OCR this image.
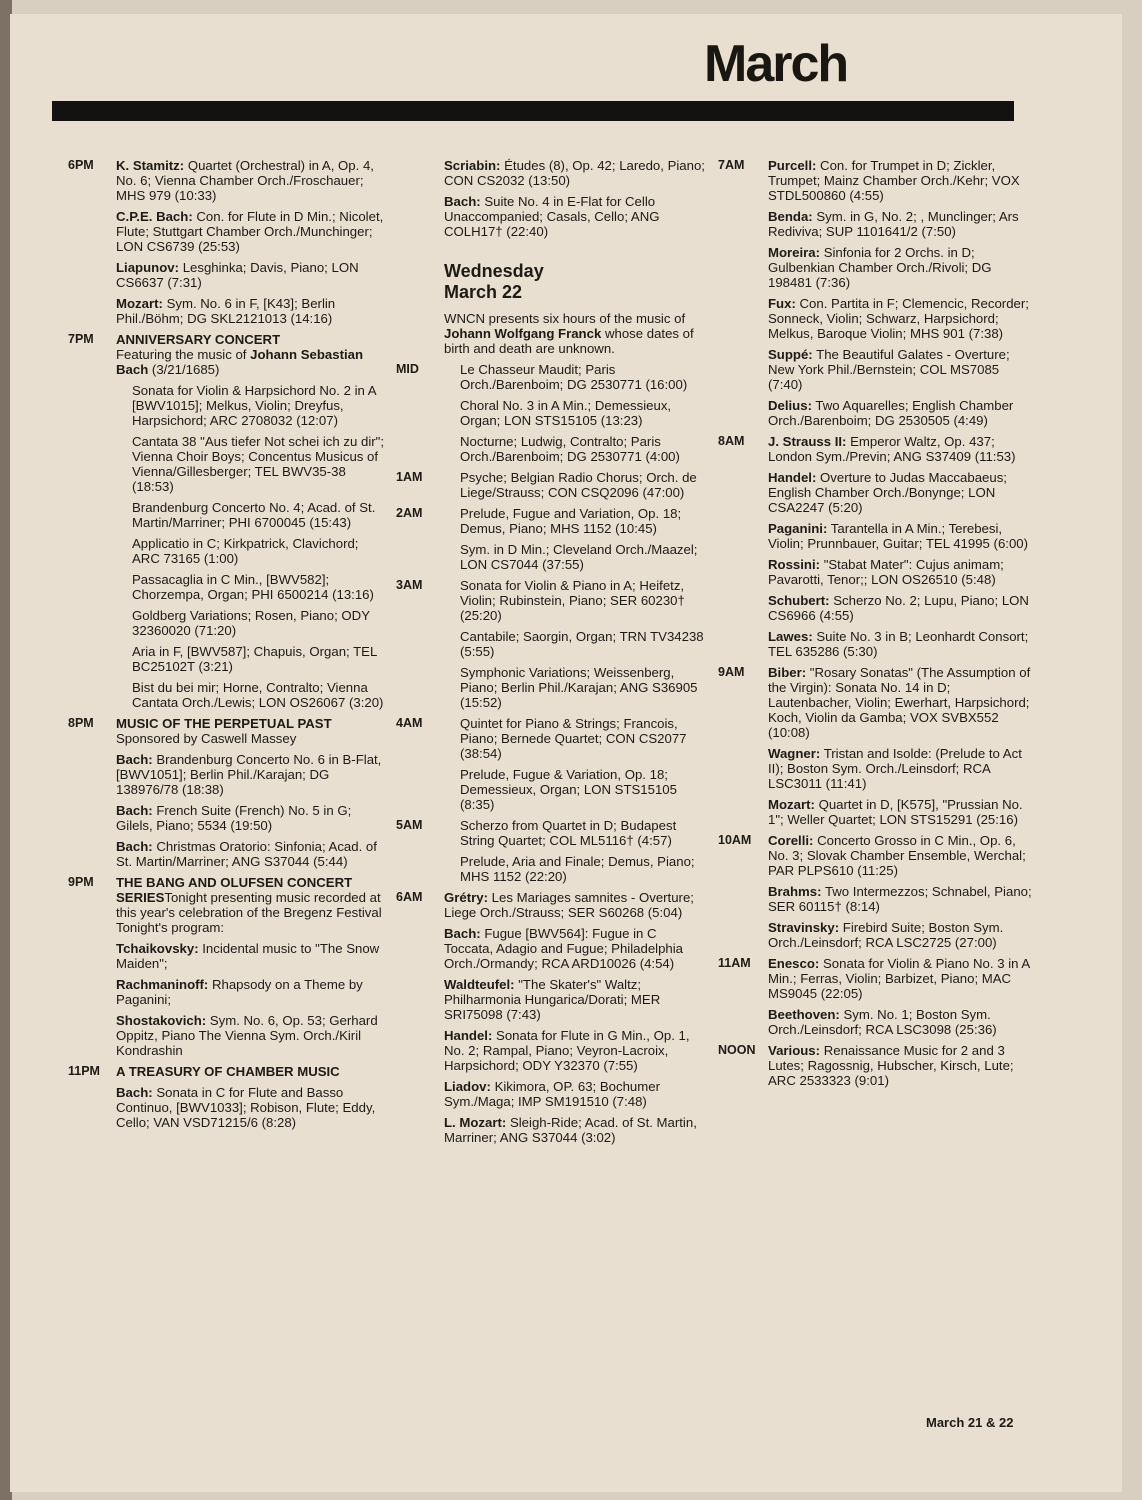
March
6PM K. Stamitz: Quartet (Orchestral) in A, Op. 4, No. 6; Vienna Chamber Orch./Froschauer; MHS 979 (10:33)
C.P.E. Bach: Con. for Flute in D Min.; Nicolet, Flute; Stuttgart Chamber Orch./Munchinger; LON CS6739 (25:53)
Liapunov: Lesghinka; Davis, Piano; LON CS6637 (7:31)
Mozart: Sym. No. 6 in F, [K43]; Berlin Phil./Böhm; DG SKL2121013 (14:16)
7PM ANNIVERSARY CONCERT
Featuring the music of Johann Sebastian Bach (3/21/1685)
Sonata for Violin & Harpsichord No. 2 in A [BWV1015]; Melkus, Violin; Dreyfus, Harpsichord; ARC 2708032 (12:07)
Cantata 38 "Aus tiefer Not schei ich zu dir"; Vienna Choir Boys; Concentus Musicus of Vienna/Gillesberger; TEL BWV35-38 (18:53)
Brandenburg Concerto No. 4; Acad. of St. Martin/Marriner; PHI 6700045 (15:43)
Applicatio in C; Kirkpatrick, Clavichord; ARC 73165 (1:00)
Passacaglia in C Min., [BWV582]; Chorzempa, Organ; PHI 6500214 (13:16)
Goldberg Variations; Rosen, Piano; ODY 32360020 (71:20)
Aria in F, [BWV587]; Chapuis, Organ; TEL BC25102T (3:21)
Bist du bei mir; Horne, Contralto; Vienna Cantata Orch./Lewis; LON OS26067 (3:20)
8PM MUSIC OF THE PERPETUAL PAST
Sponsored by Caswell Massey
Bach: Brandenburg Concerto No. 6 in B-Flat, [BWV1051]; Berlin Phil./Karajan; DG 138976/78 (18:38)
Bach: French Suite (French) No. 5 in G; Gilels, Piano; 5534 (19:50)
Bach: Christmas Oratorio: Sinfonia; Acad. of St. Martin/Marriner; ANG S37044 (5:44)
9PM THE BANG AND OLUFSEN CONCERT SERIESTonight presenting music recorded at this year's celebration of the Bregenz Festival Tonight's program:
Tchaikovsky: Incidental music to "The Snow Maiden";
Rachmaninoff: Rhapsody on a Theme by Paganini;
Shostakovich: Sym. No. 6, Op. 53; Gerhard Oppitz, Piano The Vienna Sym. Orch./Kiril Kondrashin
11PM A TREASURY OF CHAMBER MUSIC
Bach: Sonata in C for Flute and Basso Continuo, [BWV1033]; Robison, Flute; Eddy, Cello; VAN VSD71215/6 (8:28)
Scriabin: Études (8), Op. 42; Laredo, Piano; CON CS2032 (13:50)
Bach: Suite No. 4 in E-Flat for Cello Unaccompanied; Casals, Cello; ANG COLH17† (22:40)
Wednesday
March 22
WNCN presents six hours of the music of Johann Wolfgang Franck whose dates of birth and death are unknown.
MID	Le Chasseur Maudit; Paris Orch./Barenboim; DG 2530771 (16:00)
Choral No. 3 in A Min.; Demessieux, Organ; LON STS15105 (13:23)
Nocturne; Ludwig, Contralto; Paris Orch./Barenboim; DG 2530771 (4:00)
1AM	Psyche; Belgian Radio Chorus; Orch. de Liege/Strauss; CON CSQ2096 (47:00)
2AM	Prelude, Fugue and Variation, Op. 18; Demus, Piano; MHS 1152 (10:45)
Sym. in D Min.; Cleveland Orch./Maazel; LON CS7044 (37:55)
3AM	Sonata for Violin & Piano in A; Heifetz, Violin; Rubinstein, Piano; SER 60230† (25:20)
Cantabile; Saorgin, Organ; TRN TV34238 (5:55)
Symphonic Variations; Weissenberg, Piano; Berlin Phil./Karajan; ANG S36905 (15:52)
4AM	Quintet for Piano & Strings; Francois, Piano; Bernede Quartet; CON CS2077 (38:54)
Prelude, Fugue & Variation, Op. 18; Demessieux, Organ; LON STS15105 (8:35)
5AM	Scherzo from Quartet in D; Budapest String Quartet; COL ML5116† (4:57)
Prelude, Aria and Finale; Demus, Piano; MHS 1152 (22:20)
6AM Grétry: Les Mariages samnites - Overture; Liege Orch./Strauss; SER S60268 (5:04)
Bach: Fugue [BWV564]: Fugue in C Toccata, Adagio and Fugue; Philadelphia Orch./Ormandy; RCA ARD10026 (4:54)
Waldteufel: "The Skater's" Waltz; Philharmonia Hungarica/Dorati; MER SRI75098 (7:43)
Handel: Sonata for Flute in G Min., Op. 1, No. 2; Rampal, Piano; Veyron-Lacroix, Harpsichord; ODY Y32370 (7:55)
Liadov: Kikimora, OP. 63; Bochumer Sym./Maga; IMP SM191510 (7:48)
L. Mozart: Sleigh-Ride; Acad. of St. Martin, Marriner; ANG S37044 (3:02)
7AM Purcell: Con. for Trumpet in D; Zickler, Trumpet; Mainz Chamber Orch./Kehr; VOX STDL500860 (4:55)
Benda: Sym. in G, No. 2; , Munclinger; Ars Rediviva; SUP 1101641/2 (7:50)
Moreira: Sinfonia for 2 Orchs. in D; Gulbenkian Chamber Orch./Rivoli; DG 198481 (7:36)
Fux: Con. Partita in F; Clemencic, Recorder; Sonneck, Violin; Schwarz, Harpsichord; Melkus, Baroque Violin; MHS 901 (7:38)
Suppé: The Beautiful Galates - Overture; New York Phil./Bernstein; COL MS7085 (7:40)
Delius: Two Aquarelles; English Chamber Orch./Barenboim; DG 2530505 (4:49)
8AM J. Strauss II: Emperor Waltz, Op. 437; London Sym./Previn; ANG S37409 (11:53)
Handel: Overture to Judas Maccabaeus; English Chamber Orch./Bonynge; LON CSA2247 (5:20)
Paganini: Tarantella in A Min.; Terebesi, Violin; Prunnbauer, Guitar; TEL 41995 (6:00)
Rossini: "Stabat Mater": Cujus animam; Pavarotti, Tenor;; LON OS26510 (5:48)
Schubert: Scherzo No. 2; Lupu, Piano; LON CS6966 (4:55)
Lawes: Suite No. 3 in B; Leonhardt Consort; TEL 635286 (5:30)
9AM Biber: "Rosary Sonatas" (The Assumption of the Virgin): Sonata No. 14 in D; Lautenbacher, Violin; Ewerhart, Harpsichord; Koch, Violin da Gamba; VOX SVBX552 (10:08)
Wagner: Tristan and Isolde: (Prelude to Act II); Boston Sym. Orch./Leinsdorf; RCA LSC3011 (11:41)
Mozart: Quartet in D, [K575], "Prussian No. 1"; Weller Quartet; LON STS15291 (25:16)
10AM Corelli: Concerto Grosso in C Min., Op. 6, No. 3; Slovak Chamber Ensemble, Werchal; PAR PLPS610 (11:25)
Brahms: Two Intermezzos; Schnabel, Piano; SER 60115† (8:14)
Stravinsky: Firebird Suite; Boston Sym. Orch./Leinsdorf; RCA LSC2725 (27:00)
11AM Enesco: Sonata for Violin & Piano No. 3 in A Min.; Ferras, Violin; Barbizet, Piano; MAC MS9045 (22:05)
Beethoven: Sym. No. 1; Boston Sym. Orch./Leinsdorf; RCA LSC3098 (25:36)
NOON Various: Renaissance Music for 2 and 3 Lutes; Ragossnig, Hubscher, Kirsch, Lute; ARC 2533323 (9:01)
March 21 & 22
